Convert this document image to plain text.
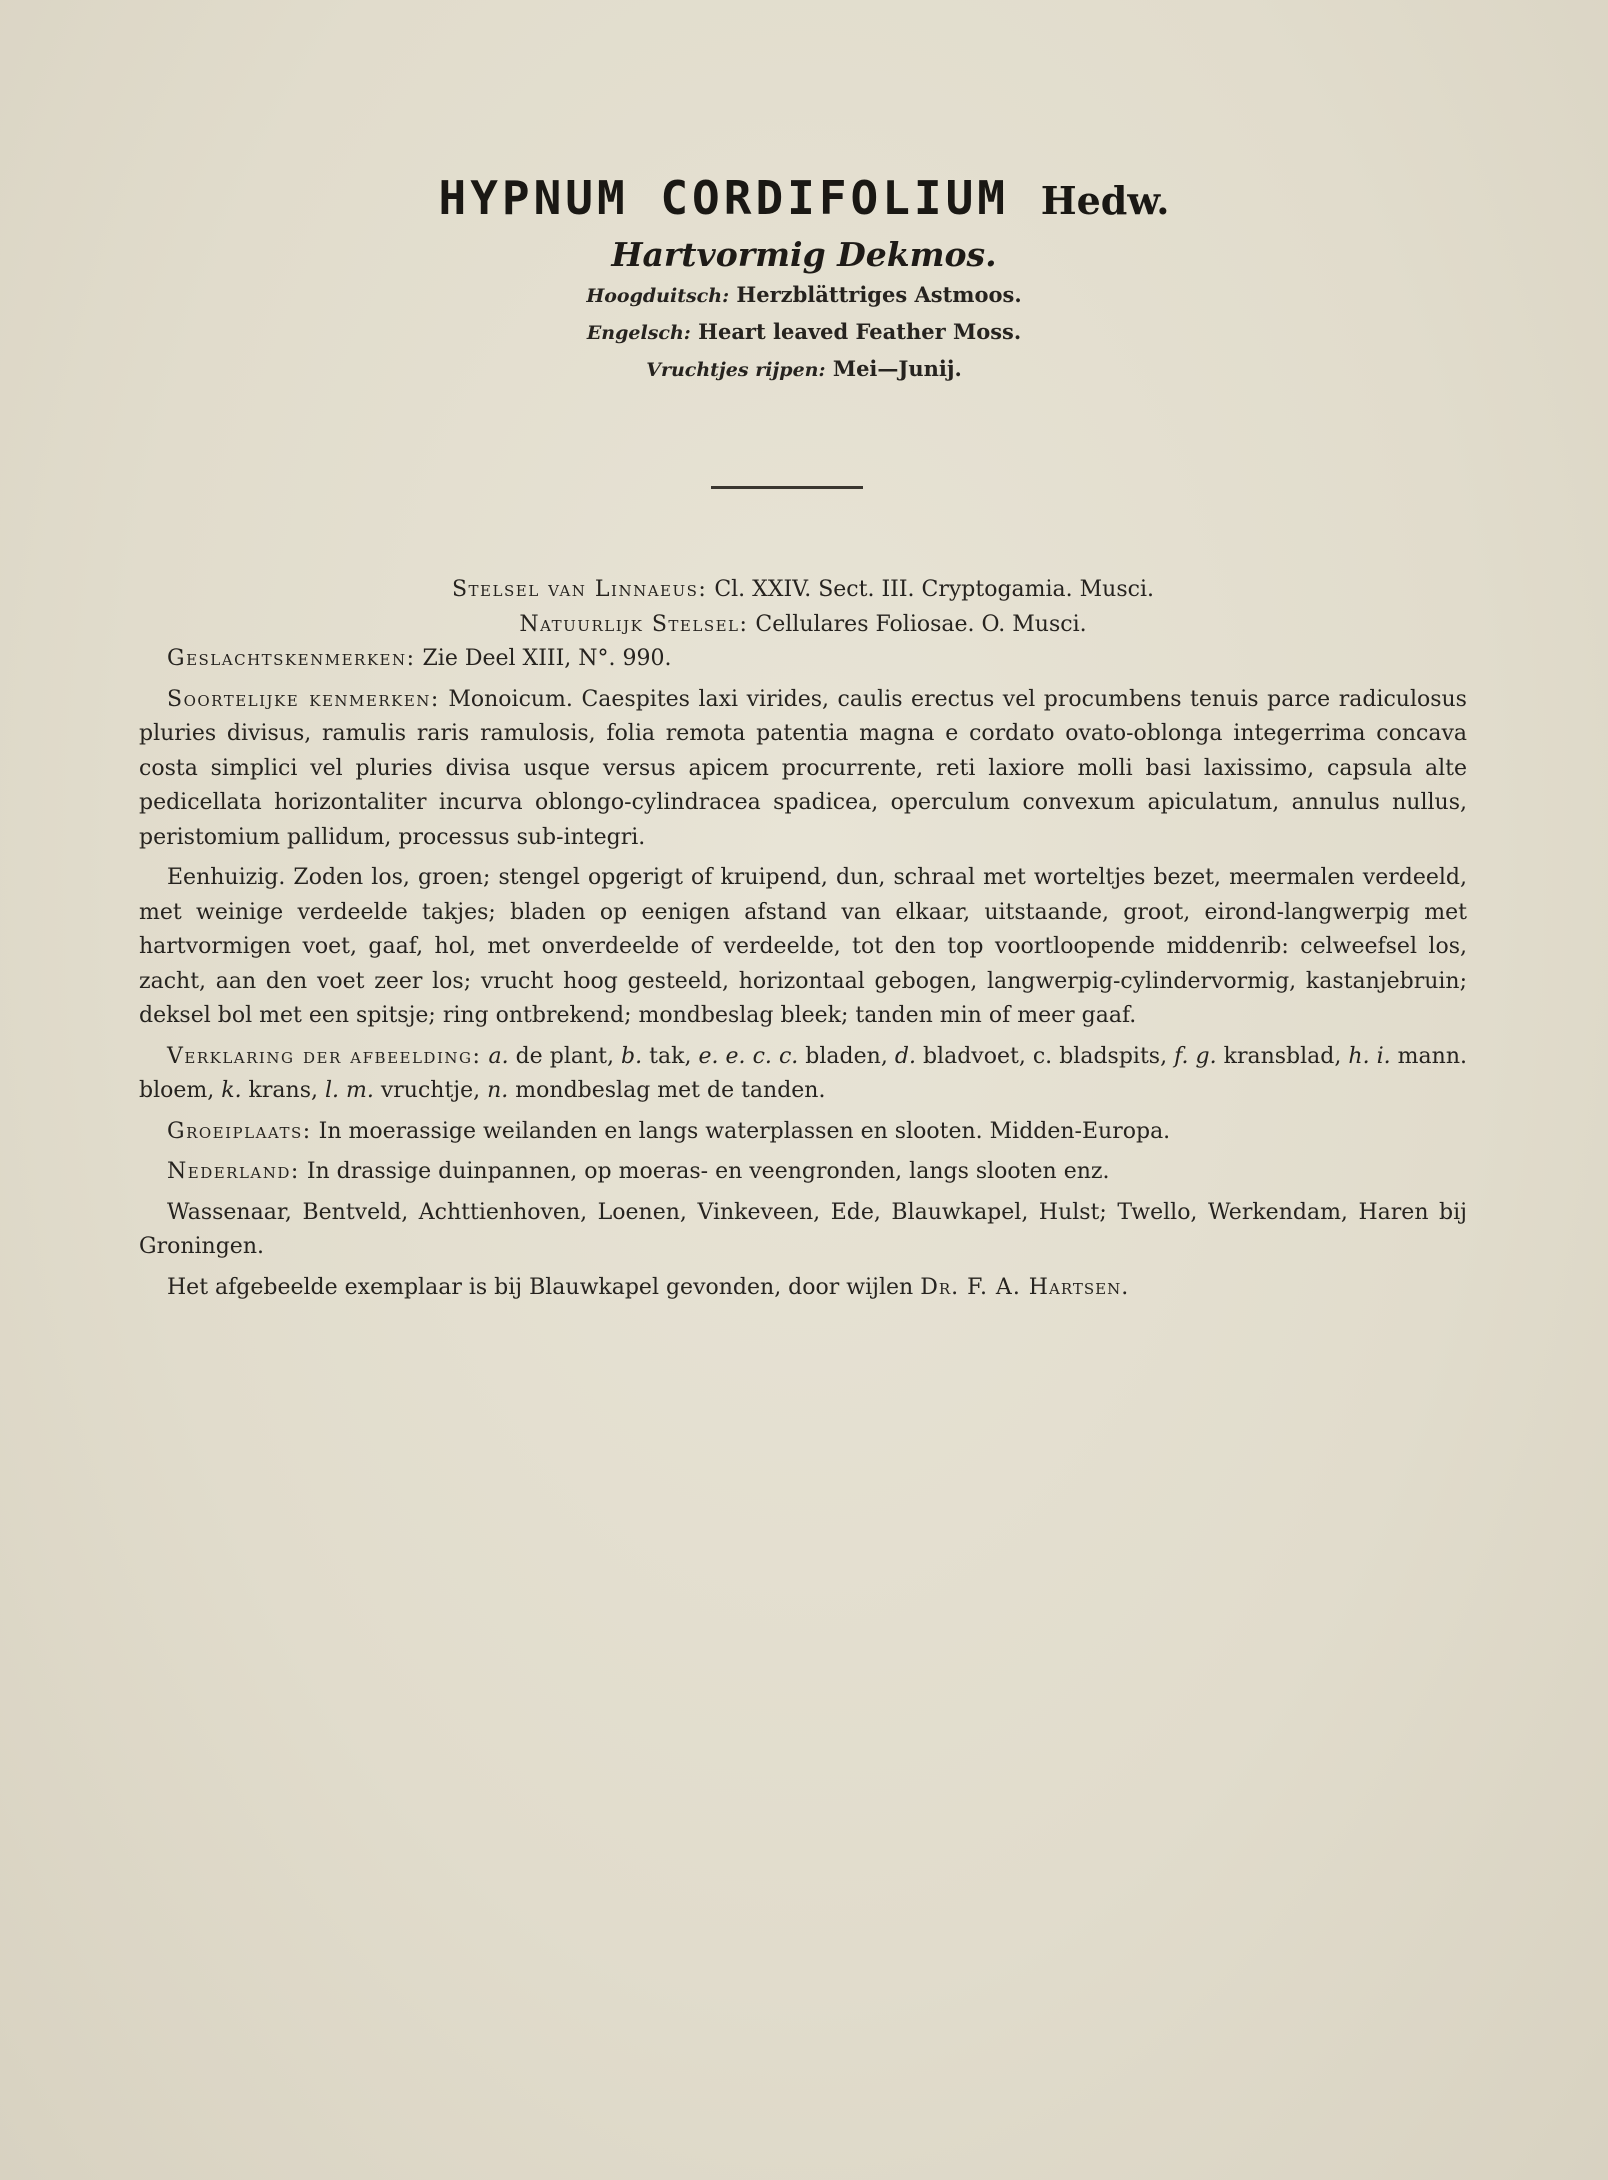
HYPNUM CORDIFOLIUM Hedw.
Hartvormig Dekmos.
Hoogduitsch: Herzblättriges Astmoos.
Engelsch: Heart leaved Feather Moss.
Vruchtjes rijpen: Mei—Junij.

Stelsel van Linnaeus: Cl. XXIV. Sect. III. Cryptogamia. Musci.

Natuurlijk Stelsel: Cellulares Foliosae. O. Musci.

Geslachtskenmerken: Zie Deel XIII, N°. 990.

Soortelijke kenmerken: Monoicum. Caespites laxi virides, caulis erectus vel procumbens tenuis parce radiculosus pluries divisus, ramulis raris ramulosis, folia remota patentia magna e cordato ovato-oblonga integerrima concava costa simplici vel pluries divisa usque versus apicem procurrente, reti laxiore molli basi laxissimo, capsula alte pedicellata horizontaliter incurva oblongo-cylindracea spadicea, operculum convexum apiculatum, annulus nullus, peristomium pallidum, processus sub-integri.

Eenhuizig. Zoden los, groen; stengel opgerigt of kruipend, dun, schraal met worteltjes bezet, meermalen verdeeld, met weinige verdeelde takjes; bladen op eenigen afstand van elkaar, uitstaande, groot, eirond-langwerpig met hartvormigen voet, gaaf, hol, met onverdeelde of verdeelde, tot den top voortloopende middenrib: celweefsel los, zacht, aan den voet zeer los; vrucht hoog gesteeld, horizontaal gebogen, langwerpig-cylindervormig, kastanjebruin; deksel bol met een spitsje; ring ontbrekend; mondbeslag bleek; tanden min of meer gaaf.

Verklaring der afbeelding: a. de plant, b. tak, e. e. c. c. bladen, d. bladvoet, c. bladspits, f. g. kransblad, h. i. mann. bloem, k. krans, l. m. vruchtje, n. mondbeslag met de tanden.

Groeiplaats: In moerassige weilanden en langs waterplassen en slooten. Midden-Europa.

Nederland: In drassige duinpannen, op moeras- en veengronden, langs slooten enz.

Wassenaar, Bentveld, Achttienhoven, Loenen, Vinkeveen, Ede, Blauwkapel, Hulst; Twello, Werkendam, Haren bij Groningen.

Het afgebeelde exemplaar is bij Blauwkapel gevonden, door wijlen Dr. F. A. Hartsen.
